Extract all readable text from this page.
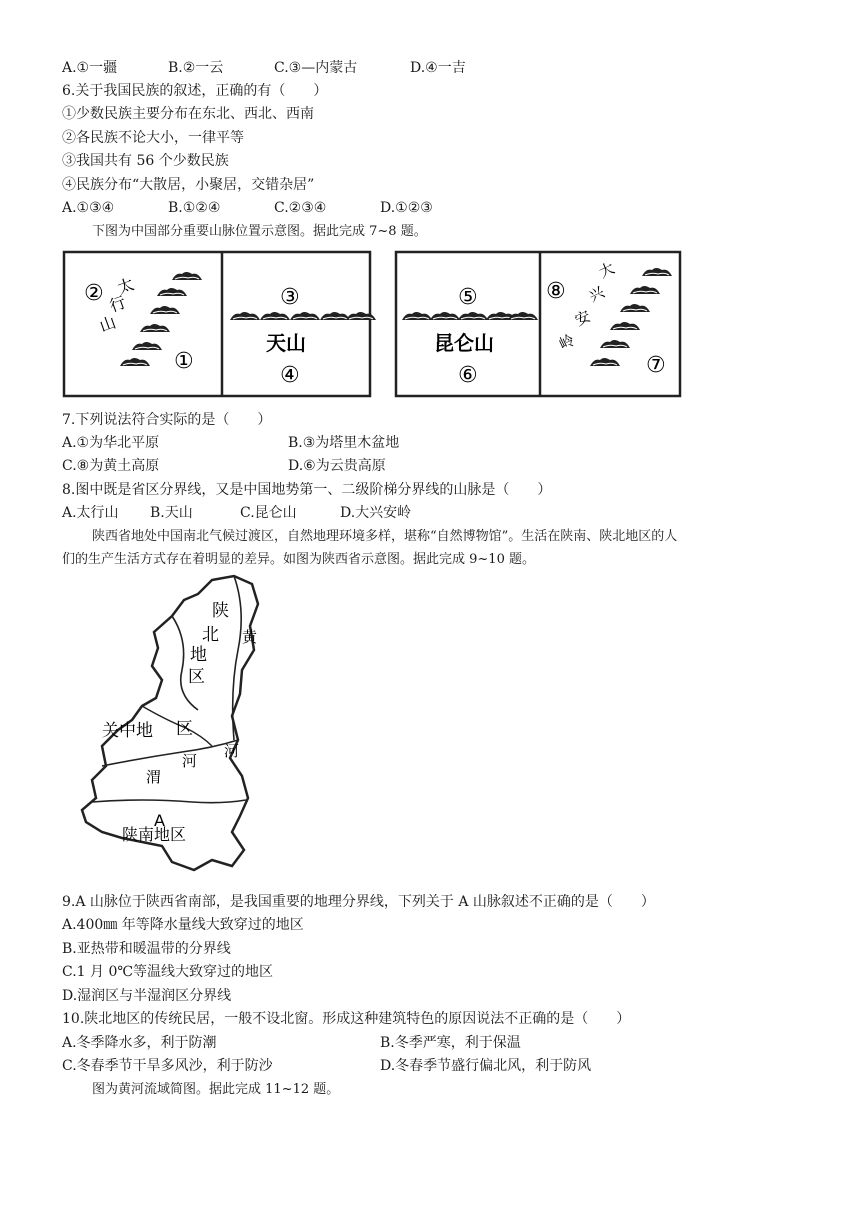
A.①一疆	B.②一云	C.③—内蒙古	D.④一吉
6.关于我国民族的叙述，正确的有（　　）
①少数民族主要分布在东北、西北、西南
②各民族不论大小，一律平等
③我国共有 56 个少数民族
④民族分布“大散居，小聚居，交错杂居”
A.①③④	B.①②④	C.②③④	D.①②③
下图为中国部分重要山脉位置示意图。据此完成 7~8 题。
②
①
太
行
山
③
天山
④
⑤
昆仑山
⑥
⑧
⑦
大
兴
安
岭
7.下列说法符合实际的是（　　）
A.①为华北平原	B.③为塔里木盆地
C.⑧为黄土高原	D.⑥为云贵高原
8.图中既是省区分界线，又是中国地势第一、二级阶梯分界线的山脉是（　　）
A.太行山 B.天山	C.昆仑山	D.大兴安岭
陕西省地处中国南北气候过渡区，自然地理环境多样，堪称“自然博物馆”。生活在陕南、陕北地区的人
们的生产生活方式存在着明显的差异。如图为陕西省示意图。据此完成 9~10 题。
陕
北 黄
地
区
关中地 区
河
河
渭
A
陕南地区
9.A 山脉位于陕西省南部，是我国重要的地理分界线，下列关于 A 山脉叙述不正确的是（　　）
A.400㎜ 年等降水量线大致穿过的地区
B.亚热带和暖温带的分界线
C.1 月 0℃等温线大致穿过的地区
D.湿润区与半湿润区分界线
10.陕北地区的传统民居，一般不设北窗。形成这种建筑特色的原因说法不正确的是（　　）
A.冬季降水多，利于防潮	B.冬季严寒，利于保温
C.冬春季节干旱多风沙，利于防沙	D.冬春季节盛行偏北风，利于防风
图为黄河流域简图。据此完成 11~12 题。
